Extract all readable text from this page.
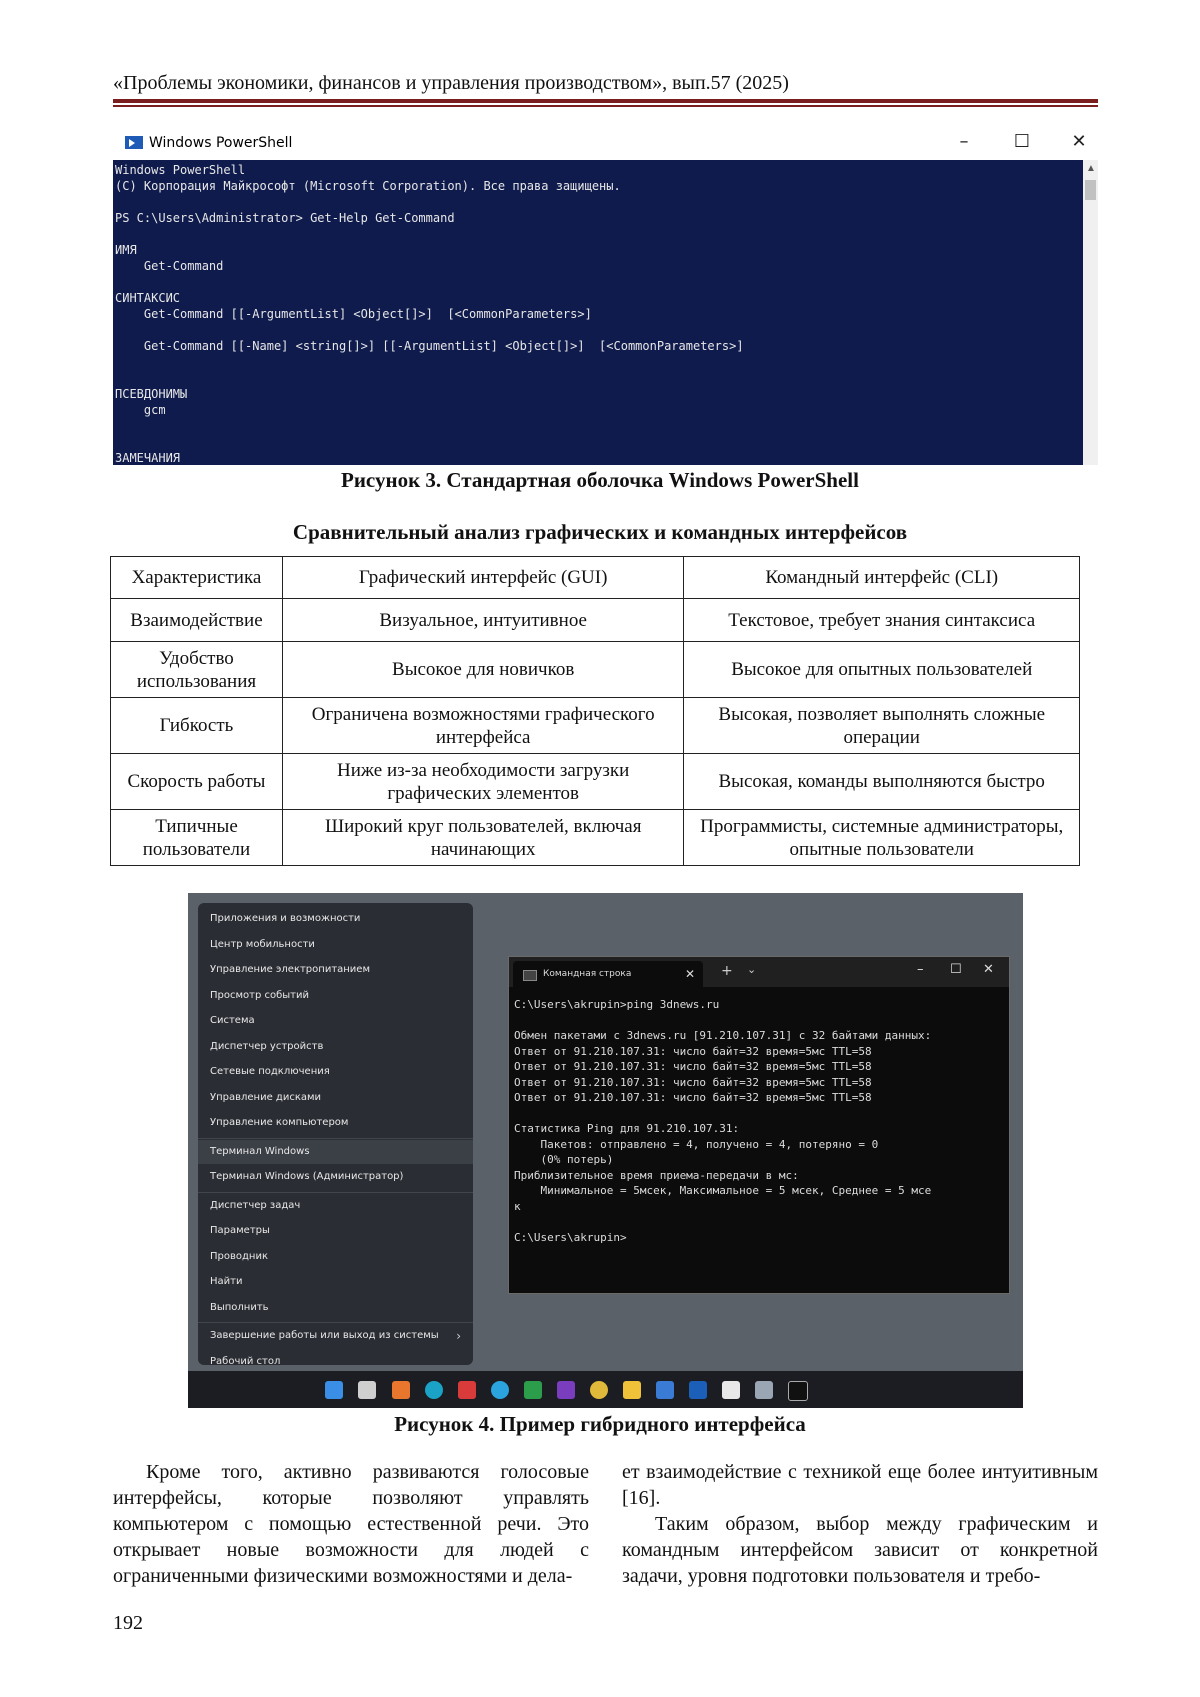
«Проблемы экономики, финансов и управления производством», вып.57 (2025)
Windows PowerShell	–	☐ ✕
Windows PowerShell
(С) Корпорация Майкрософт (Microsoft Corporation). Все права защищены.
PS C:\Users\Administrator> Get-Help Get-Command
ИМЯ
Get-Command
СИНТАКСИС
Get-Command [[-ArgumentList] <Object[]>]  [<CommonParameters>]
Get-Command [[-Name] <string[]>] [[-ArgumentList] <Object[]>]  [<CommonParameters>]
ПСЕВДОНИМЫ
gcm
ЗАМЕЧАНИЯ
▲
Рисунок 3. Стандартная оболочка Windows PowerShell
Сравнительный анализ графических и командных интерфейсов
Характеристика	Графический интерфейс (GUI)	Командный интерфейс (CLI)
Взаимодействие	Визуальное, интуитивное	Текстовое, требует знания синтаксиса
Удобство использования	Высокое для новичков	Высокое для опытных пользователей
Гибкость	Ограничена возможностями графического интерфейса	Высокая, позволяет выполнять сложные операции
Скорость работы	Ниже из-за необходимости загрузки графических элементов	Высокая, команды выполняются быстро
Типичные пользователи	Широкий круг пользователей, включая начинающих	Программисты, системные администраторы, опытные пользователи
Приложения и возможности
Центр мобильности
Управление электропитанием
Просмотр событий
Система
Диспетчер устройств
Сетевые подключения
Управление дисками
Управление компьютером
Терминал Windows
Терминал Windows (Администратор)
Диспетчер задач
Параметры
Проводник
Найти
Выполнить
Завершение работы или выход из системы ›
Рабочий стол
Командная строка	✕ + ⌄	– ☐ ✕
C:\Users\akrupin>ping 3dnews.ru
Обмен пакетами с 3dnews.ru [91.210.107.31] с 32 байтами данных:
Ответ от 91.210.107.31: число байт=32 время=5мс TTL=58
Ответ от 91.210.107.31: число байт=32 время=5мс TTL=58
Ответ от 91.210.107.31: число байт=32 время=5мс TTL=58
Ответ от 91.210.107.31: число байт=32 время=5мс TTL=58
Статистика Ping для 91.210.107.31:
Пакетов: отправлено = 4, получено = 4, потеряно = 0
(0% потерь)
Приблизительное время приема-передачи в мс:
Минимальное = 5мсек, Максимальное = 5 мсек, Среднее = 5 мсе
к
C:\Users\akrupin>
Рисунок 4. Пример гибридного интерфейса
Кроме того, активно развиваются голосовые интерфейсы, которые позволяют управлять компьютером с помощью естественной речи. Это открывает новые возможности для людей с ограниченными физическими возможностями и дела-
ет взаимодействие с техникой еще более интуитивным [16].
Таким образом, выбор между графическим и командным интерфейсом зависит от конкретной задачи, уровня подготовки пользователя и требо-
192
